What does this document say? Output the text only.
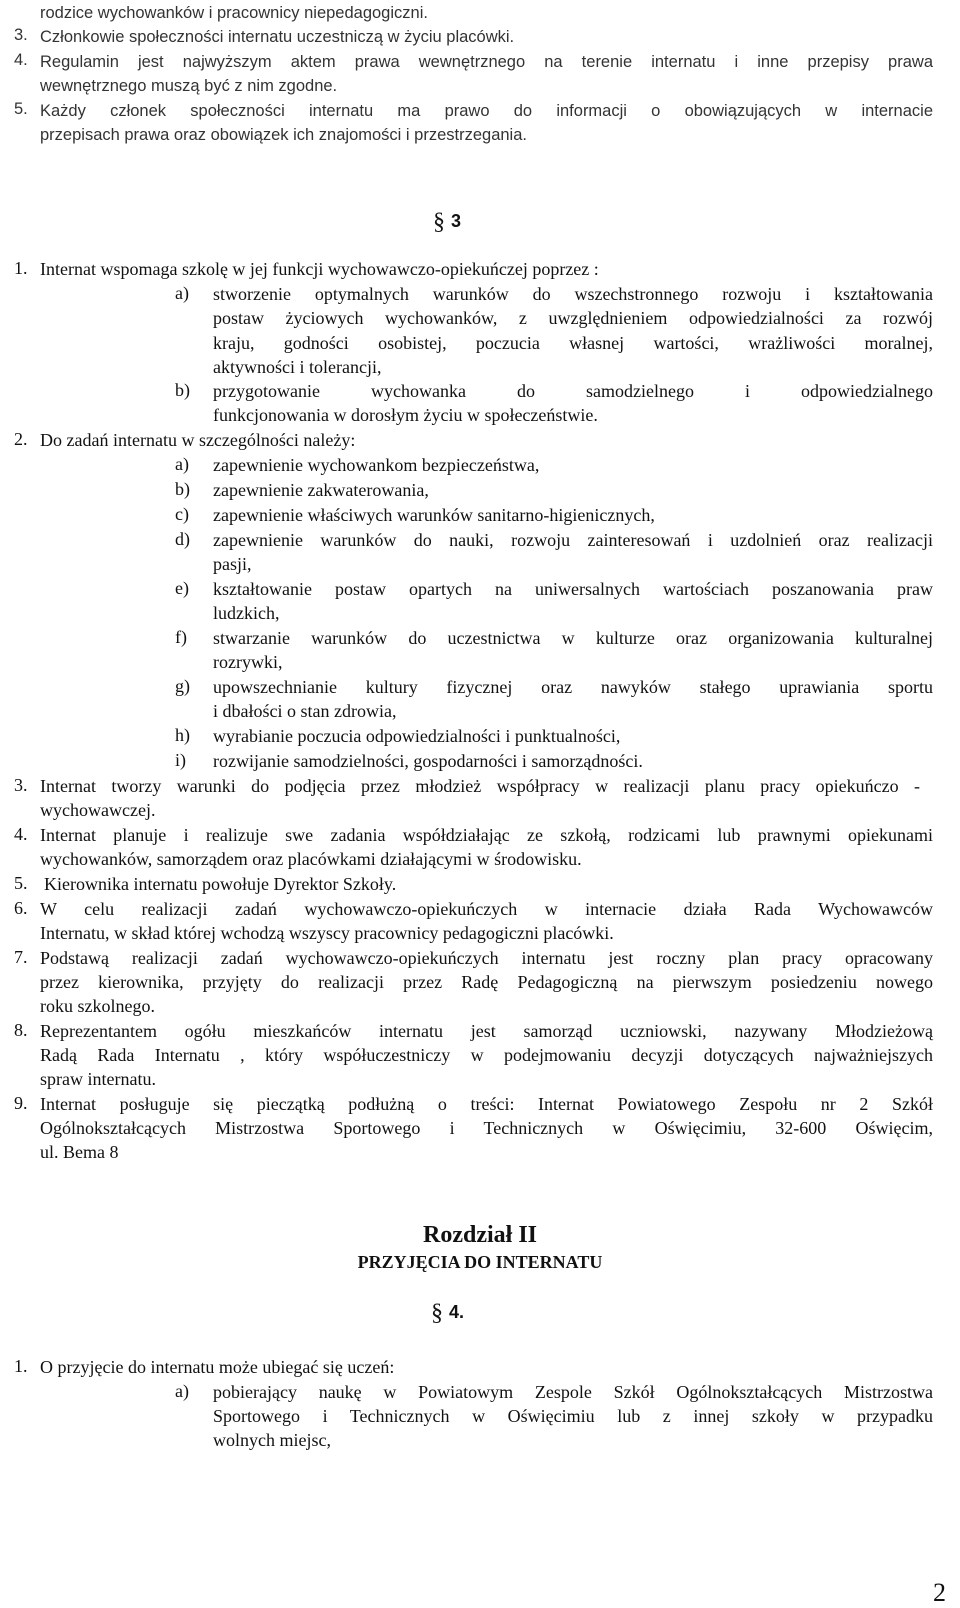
rodzice wychowanków i pracownicy niepedagogiczni.
3. Członkowie społeczności internatu uczestniczą w życiu placówki.
4. Regulamin jest najwyższym aktem prawa wewnętrznego na terenie internatu i inne przepisy prawa
wewnętrznego muszą być z nim zgodne.
5. Każdy członek społeczności internatu ma prawo do informacji o obowiązujących w internacie
przepisach prawa oraz obowiązek ich znajomości i przestrzegania.
§ 3
1. Internat wspomaga szkolę w jej funkcji wychowawczo-opiekuńczej poprzez :
a) stworzenie optymalnych warunków do wszechstronnego rozwoju i kształtowania
postaw życiowych wychowanków, z uwzględnieniem odpowiedzialności za rozwój
kraju, godności osobistej, poczucia własnej wartości, wrażliwości moralnej,
aktywności i tolerancji,
b) przygotowanie wychowanka do samodzielnego i odpowiedzialnego
funkcjonowania w dorosłym życiu w społeczeństwie.
2. Do zadań internatu w szczególności należy:
a) zapewnienie wychowankom bezpieczeństwa,
b) zapewnienie zakwaterowania,
c) zapewnienie właściwych warunków sanitarno-higienicznych,
d) zapewnienie warunków do nauki, rozwoju zainteresowań i uzdolnień oraz realizacji
pasji,
e) kształtowanie postaw opartych na uniwersalnych wartościach poszanowania praw
ludzkich,
f) stwarzanie warunków do uczestnictwa w kulturze oraz organizowania kulturalnej
rozrywki,
g) upowszechnianie kultury fizycznej oraz nawyków stałego uprawiania sportu
i dbałości o stan zdrowia,
h) wyrabianie poczucia odpowiedzialności i punktualności,
i) rozwijanie samodzielności, gospodarności i samorządności.
3. Internat tworzy warunki do podjęcia przez młodzież współpracy w realizacji planu pracy opiekuńczo -
wychowawczej.
4. Internat planuje i realizuje swe zadania współdziałając ze szkołą, rodzicami lub prawnymi opiekunami
wychowanków, samorządem oraz placówkami działającymi w środowisku.
5. Kierownika internatu powołuje Dyrektor Szkoły.
6. W celu realizacji zadań wychowawczo-opiekuńczych w internacie działa Rada Wychowawców
Internatu, w skład której wchodzą wszyscy pracownicy pedagogiczni placówki.
7. Podstawą realizacji zadań wychowawczo-opiekuńczych internatu jest roczny plan pracy opracowany
przez kierownika, przyjęty do realizacji przez Radę Pedagogiczną na pierwszym posiedzeniu nowego
roku szkolnego.
8. Reprezentantem ogółu mieszkańców internatu jest samorząd uczniowski, nazywany Młodzieżową
Radą Rada Internatu , który współuczestniczy w podejmowaniu decyzji dotyczących najważniejszych
spraw internatu.
9. Internat posługuje się pieczątką podłużną o treści: Internat Powiatowego Zespołu nr 2 Szkół
Ogólnokształcących Mistrzostwa Sportowego i Technicznych w Oświęcimiu, 32-600 Oświęcim,
ul. Bema 8
Rozdział II
PRZYJĘCIA DO INTERNATU
§ 4.
1. O przyjęcie do internatu może ubiegać się uczeń:
a) pobierający naukę w Powiatowym Zespole Szkół Ogólnokształcących Mistrzostwa
Sportowego i Technicznych w Oświęcimiu lub z innej szkoły w przypadku
wolnych miejsc,
2
